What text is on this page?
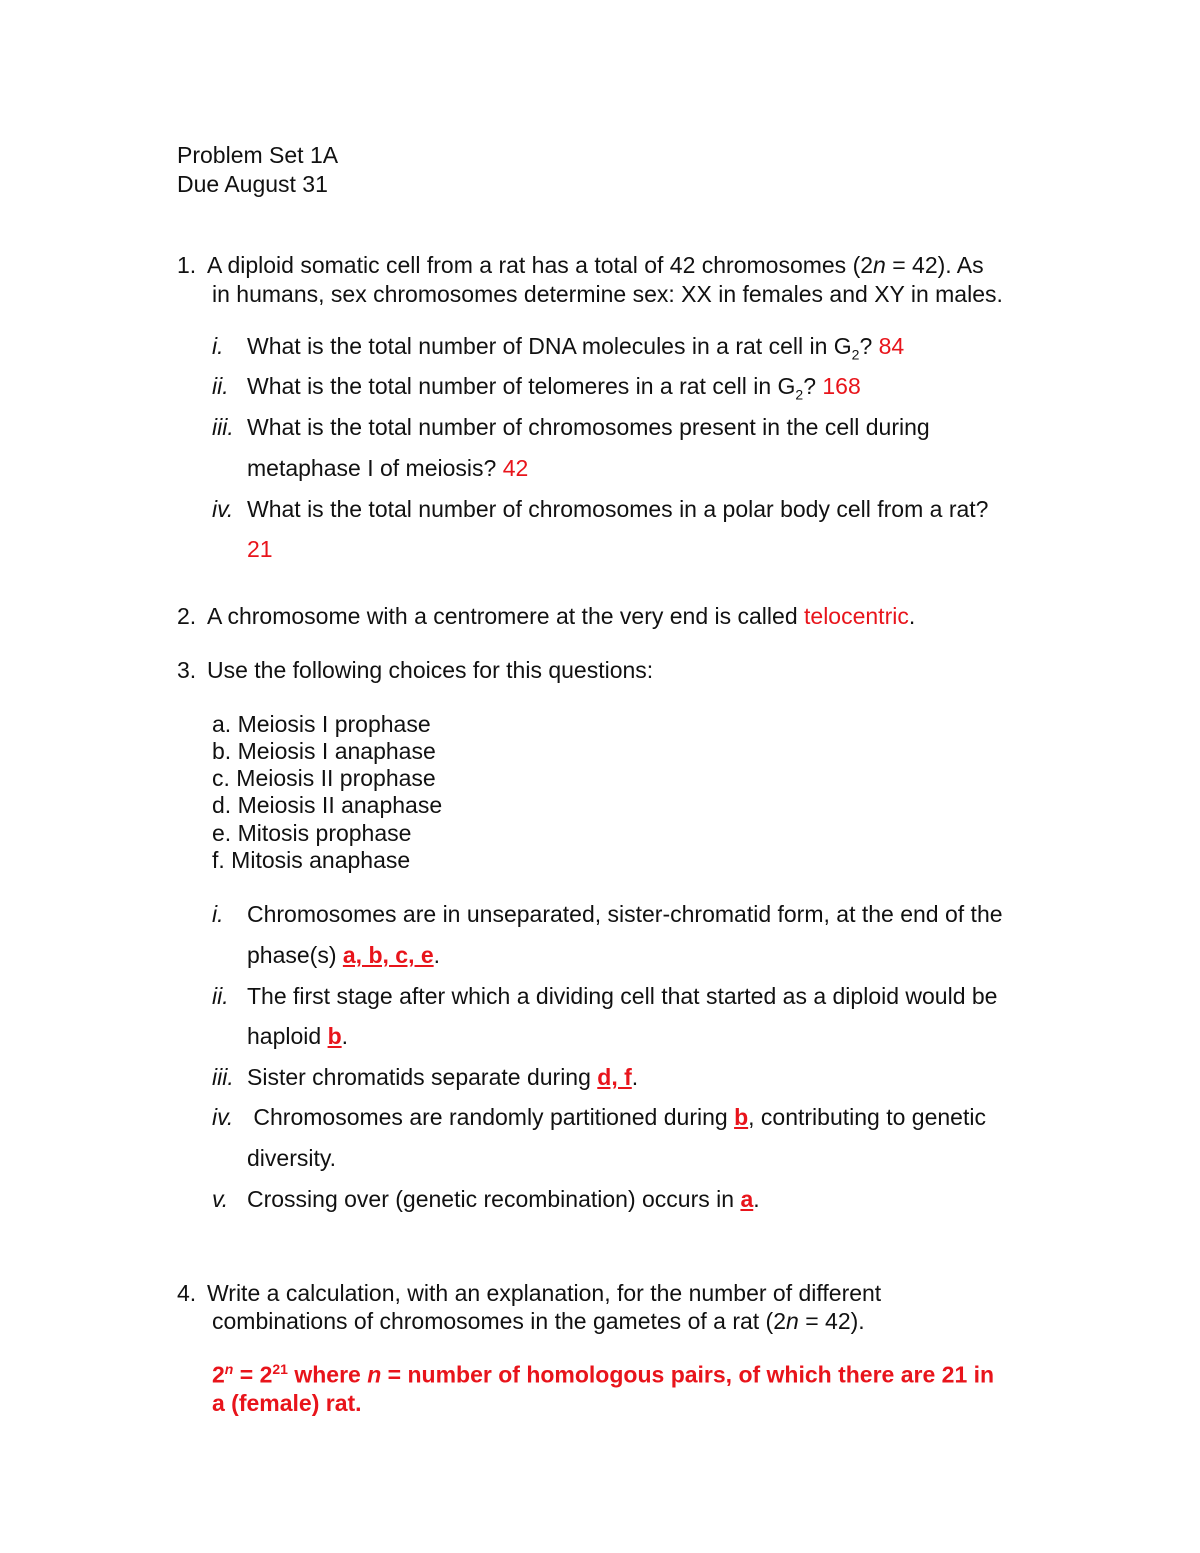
Problem Set 1A
Due August 31
1. A diploid somatic cell from a rat has a total of 42 chromosomes (2n = 42). As
in humans, sex chromosomes determine sex: XX in females and XY in males.
i. What is the total number of DNA molecules in a rat cell in $G_2$? 84
ii. What is the total number of telomeres in a rat cell in $G_2$? 168
iii. What is the total number of chromosomes present in the cell during
metaphase I of meiosis? 42
iv. What is the total number of chromosomes in a polar body cell from a rat?
21
2. A chromosome with a centromere at the very end is called telocentric.
3. Use the following choices for this questions:
a. Meiosis I prophase
b. Meiosis I anaphase
c. Meiosis II prophase
d. Meiosis II anaphase
e. Mitosis prophase
f. Mitosis anaphase
i. Chromosomes are in unseparated, sister-chromatid form, at the end of the
phase(s) a, b, c, e.
ii. The first stage after which a dividing cell that started as a diploid would be
haploid b.
iii. Sister chromatids separate during d, f.
iv. Chromosomes are randomly partitioned during b, contributing to genetic
diversity.
v. Crossing over (genetic recombination) occurs in a.
4. Write a calculation, with an explanation, for the number of different
combinations of chromosomes in the gametes of a rat (2n = 42).
$2^n = 2^{21}$ where n = number of homologous pairs, of which there are 21 in
a (female) rat.
